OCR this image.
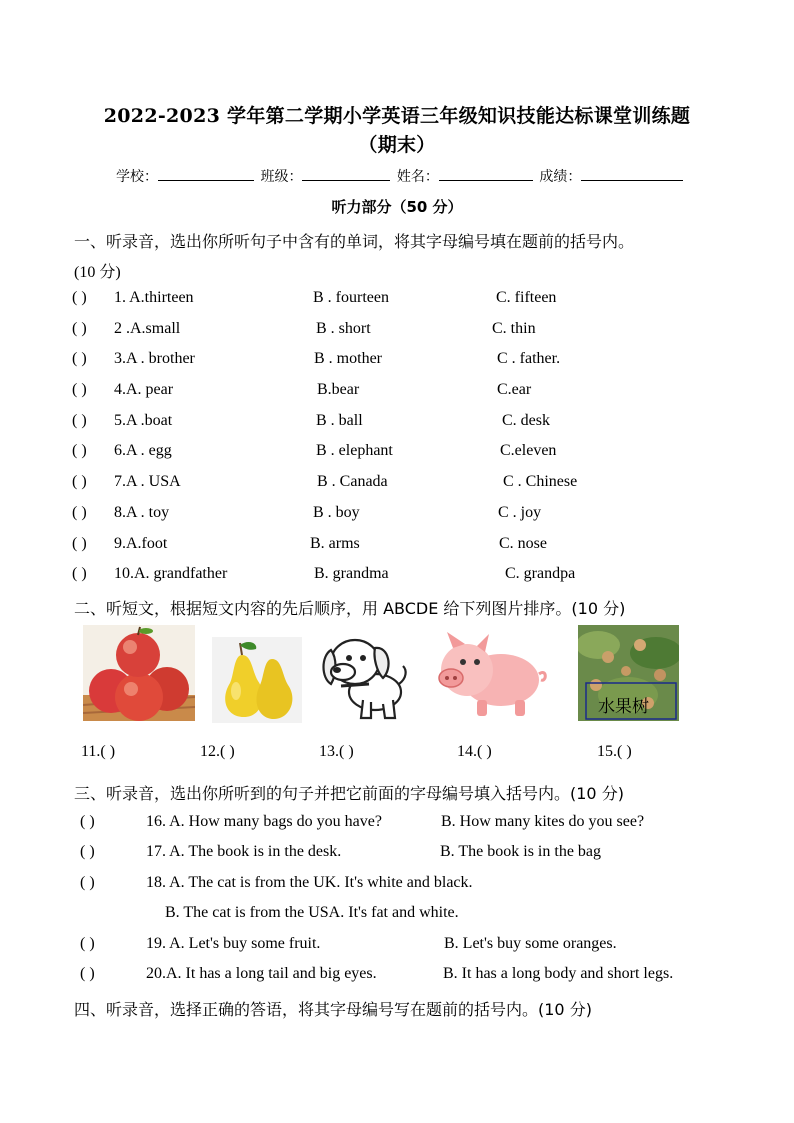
2022-2023 学年第二学期小学英语三年级知识技能达标课堂训练题
（期末）
学校：	班级：	姓名：	成绩：
听力部分（50 分）
一、听录音，选出你所听句子中含有的单词，将其字母编号填在题前的括号内。
(10 分)
( ) 1. A.thirteen	B . fourteen	C. fifteen
( ) 2 .A.small	B . short	C. thin
( ) 3.A . brother	B . mother	C . father.
( ) 4.A. pear	B.bear	C.ear
( ) 5.A .boat	B . ball	C. desk
( ) 6.A . egg	B . elephant	C.eleven
( ) 7.A . USA	B . Canada	C . Chinese
( ) 8.A . toy	B . boy	C . joy
( ) 9.A.foot	B. arms	C. nose
( ) 10.A. grandfather	B. grandma	C. grandpa
二、听短文，根据短文内容的先后顺序，用 ABCDE 给下列图片排序。(10 分)
水果树
11.( )	12.( )	13.( )	14.( )	15.( )
三、听录音，选出你所听到的句子并把它前面的字母编号填入括号内。(10 分)
( )	16. A. How many bags do you have?	B. How many kites do you see?
( )	17. A. The book is in the desk.	B. The book is in the bag
( )	18. A. The cat is from the UK. It's white and black.
B. The cat is from the USA. It's fat and white.
( )	19. A. Let's buy some fruit.	B. Let's buy some oranges.
( )	20.A. It has a long tail and big eyes.	B. It has a long body and short legs.
四、听录音，选择正确的答语，将其字母编号写在题前的括号内。(10 分)
